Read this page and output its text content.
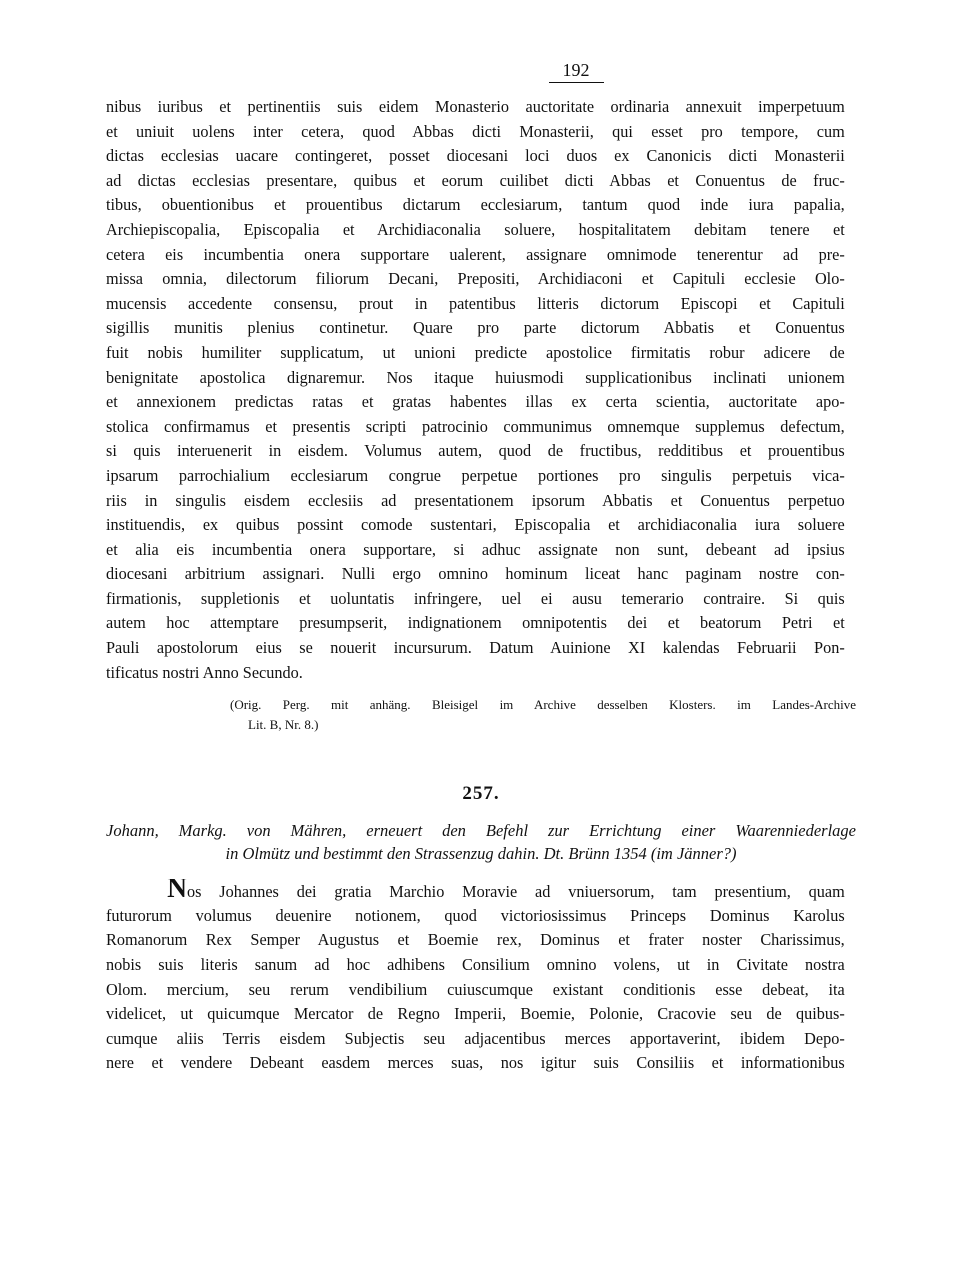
192
nibus iuribus et pertinentiis suis eidem Monasterio auctoritate ordinaria annexuit imperpetuum
et uniuit uolens inter cetera, quod Abbas dicti Monasterii, qui esset pro tempore, cum
dictas ecclesias uacare contingeret, posset diocesani loci duos ex Canonicis dicti Monasterii
ad dictas ecclesias presentare, quibus et eorum cuilibet dicti Abbas et Conuentus de fruc-
tibus, obuentionibus et prouentibus dictarum ecclesiarum, tantum quod inde iura papalia,
Archiepiscopalia, Episcopalia et Archidiaconalia soluere, hospitalitatem debitam tenere et
cetera eis incumbentia onera supportare ualerent, assignare omnimode tenerentur ad pre-
missa omnia, dilectorum filiorum Decani, Prepositi, Archidiaconi et Capituli ecclesie Olo-
mucensis accedente consensu, prout in patentibus litteris dictorum Episcopi et Capituli
sigillis munitis plenius continetur. Quare pro parte dictorum Abbatis et Conuentus
fuit nobis humiliter supplicatum, ut unioni predicte apostolice firmitatis robur adicere de
benignitate apostolica dignaremur. Nos itaque huiusmodi supplicationibus inclinati unionem
et annexionem predictas ratas et gratas habentes illas ex certa scientia, auctoritate apo-
stolica confirmamus et presentis scripti patrocinio communimus omnemque supplemus defectum,
si quis interuenerit in eisdem. Volumus autem, quod de fructibus, redditibus et prouentibus
ipsarum parrochialium ecclesiarum congrue perpetue portiones pro singulis perpetuis vica-
riis in singulis eisdem ecclesiis ad presentationem ipsorum Abbatis et Conuentus perpetuo
instituendis, ex quibus possint comode sustentari, Episcopalia et archidiaconalia iura soluere
et alia eis incumbentia onera supportare, si adhuc assignate non sunt, debeant ad ipsius
diocesani arbitrium assignari. Nulli ergo omnino hominum liceat hanc paginam nostre con-
firmationis, suppletionis et uoluntatis infringere, uel ei ausu temerario contraire. Si quis
autem hoc attemptare presumpserit, indignationem omnipotentis dei et beatorum Petri et
Pauli apostolorum eius se nouerit incursurum. Datum Auinione XI kalendas Februarii Pon-
tificatus nostri Anno Secundo.
(Orig. Perg. mit anhäng. Bleisigel im Archive desselben Klosters. im Landes-Archive
Lit. B, Nr. 8.)
257.
Johann, Markg. von Mähren, erneuert den Befehl zur Errichtung einer Waarenniederlage
in Olmütz und bestimmt den Strassenzug dahin. Dt. Brünn 1354 (im Jänner?)
Nos Johannes dei gratia Marchio Moravie ad vniuersorum, tam presentium, quam
futurorum volumus deuenire notionem, quod victoriosissimus Princeps Dominus Karolus
Romanorum Rex Semper Augustus et Boemie rex, Dominus et frater noster Charissimus,
nobis suis literis sanum ad hoc adhibens Consilium omnino volens, ut in Civitate nostra
Olom. mercium, seu rerum vendibilium cuiuscumque existant conditionis esse debeat, ita
videlicet, ut quicumque Mercator de Regno Imperii, Boemie, Polonie, Cracovie seu de quibus-
cumque aliis Terris eisdem Subjectis seu adjacentibus merces apportaverint, ibidem Depo-
nere et vendere Debeant easdem merces suas, nos igitur suis Consiliis et informationibus
